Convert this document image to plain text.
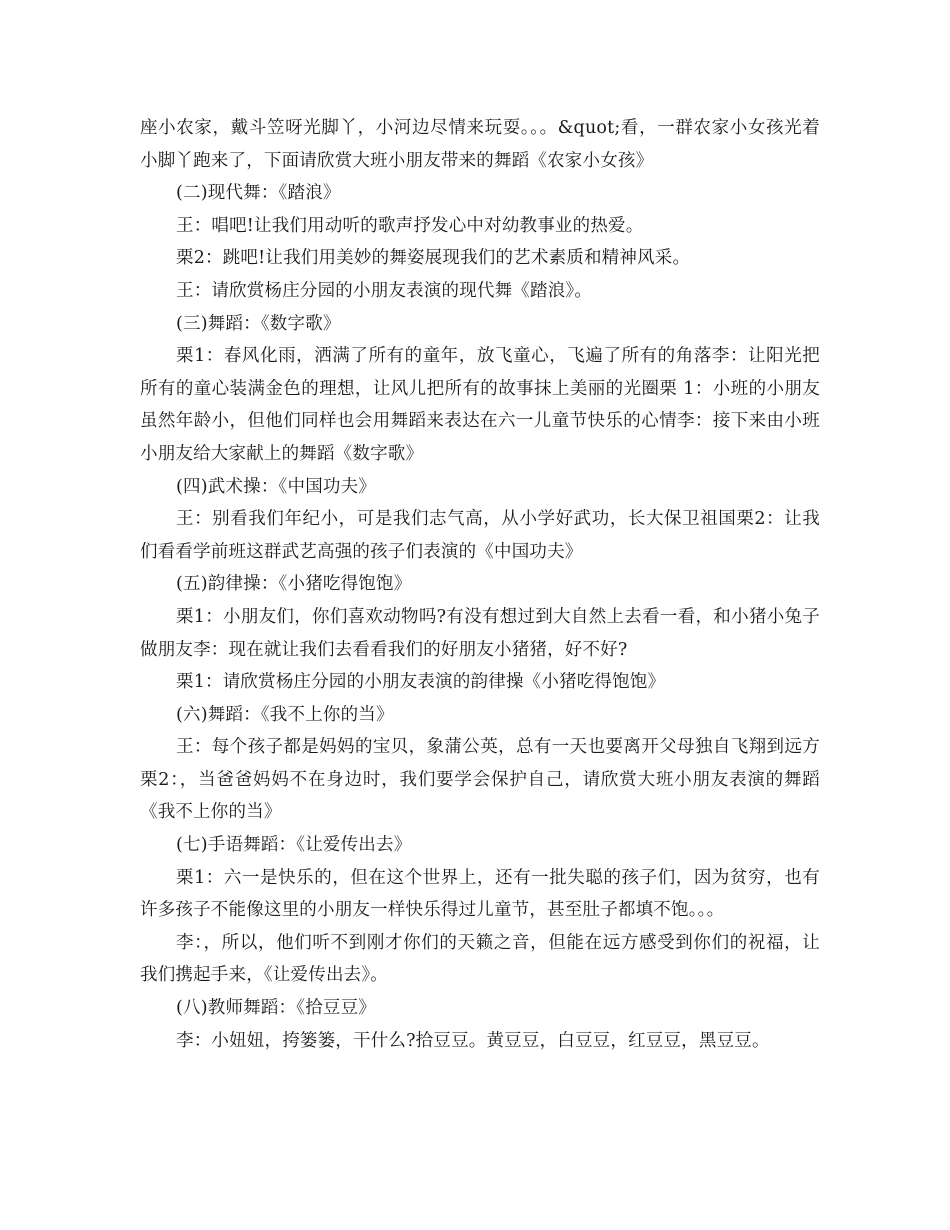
座小农家，戴斗笠呀光脚丫，小河边尽情来玩耍。。。&quot;看，一群农家小女孩光着小脚丫跑来了，下面请欣赏大班小朋友带来的舞蹈《农家小女孩》

(二)现代舞：《踏浪》

王：唱吧!让我们用动听的歌声抒发心中对幼教事业的热爱。

栗2：跳吧!让我们用美妙的舞姿展现我们的艺术素质和精神风采。

王：请欣赏杨庄分园的小朋友表演的现代舞《踏浪》。

(三)舞蹈：《数字歌》

栗1：春风化雨，洒满了所有的童年，放飞童心，飞遍了所有的角落李：让阳光把所有的童心装满金色的理想，让风儿把所有的故事抹上美丽的光圈栗 1：小班的小朋友虽然年龄小，但他们同样也会用舞蹈来表达在六一儿童节快乐的心情李：接下来由小班小朋友给大家献上的舞蹈《数字歌》

(四)武术操：《中国功夫》

王：别看我们年纪小，可是我们志气高，从小学好武功，长大保卫祖国栗2：让我们看看学前班这群武艺高强的孩子们表演的《中国功夫》

(五)韵律操：《小猪吃得饱饱》

栗1：小朋友们，你们喜欢动物吗?有没有想过到大自然上去看一看，和小猪小兔子做朋友李：现在就让我们去看看我们的好朋友小猪猪，好不好?

栗1：请欣赏杨庄分园的小朋友表演的韵律操《小猪吃得饱饱》

(六)舞蹈：《我不上你的当》

王：每个孩子都是妈妈的宝贝，象蒲公英，总有一天也要离开父母独自飞翔到远方栗2：，当爸爸妈妈不在身边时，我们要学会保护自己，请欣赏大班小朋友表演的舞蹈《我不上你的当》

(七)手语舞蹈：《让爱传出去》

栗1：六一是快乐的，但在这个世界上，还有一批失聪的孩子们，因为贫穷，也有许多孩子不能像这里的小朋友一样快乐得过儿童节，甚至肚子都填不饱。。。

李：，所以，他们听不到刚才你们的天籁之音，但能在远方感受到你们的祝福，让我们携起手来，《让爱传出去》。

(八)教师舞蹈：《拾豆豆》

李：小妞妞，挎篓篓，干什么?拾豆豆。黄豆豆，白豆豆，红豆豆，黑豆豆。
